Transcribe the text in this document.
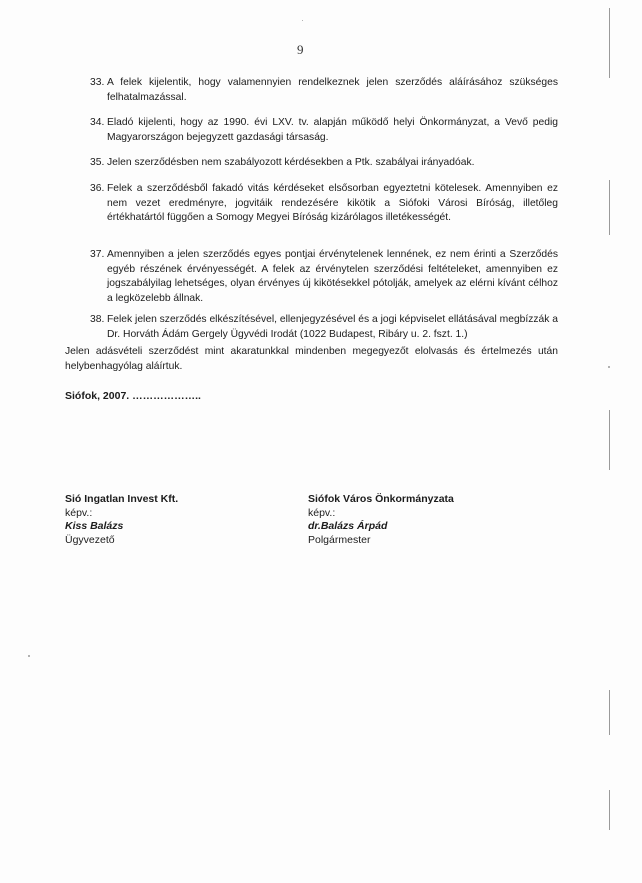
9
33. A felek kijelentik, hogy valamennyien rendelkeznek jelen szerződés aláírásához szükséges felhatalmazással.
34. Eladó kijelenti, hogy az 1990. évi LXV. tv. alapján működő helyi Önkormányzat, a Vevő pedig Magyarországon bejegyzett gazdasági társaság.
35. Jelen szerződésben nem szabályozott kérdésekben a Ptk. szabályai irányadóak.
36. Felek a szerződésből fakadó vitás kérdéseket elsősorban egyeztetni kötelesek. Amennyiben ez nem vezet eredményre, jogvitáik rendezésére kikötik a Siófoki Városi Bíróság, illetőleg értékhatártól függően a Somogy Megyei Bíróság kizárólagos illetékességét.
37. Amennyiben a jelen szerződés egyes pontjai érvénytelenek lennének, ez nem érinti a Szerződés egyéb részének érvényességét. A felek az érvénytelen szerződési feltételeket, amennyiben ez jogszabályilag lehetséges, olyan érvényes új kikötésekkel pótolják, amelyek az elérni kívánt célhoz a legközelebb állnak.
38. Felek jelen szerződés elkészítésével, ellenjegyzésével és a jogi képviselet ellátásával megbízzák a Dr. Horváth Ádám Gergely Ügyvédi Irodát (1022 Budapest, Ribáry u. 2. fszt. 1.)
Jelen adásvételi szerződést mint akaratunkkal mindenben megegyezőt elolvasás és értelmezés után helybenhagyólag aláírtuk.
Siófok, 2007. ………………..
Sió Ingatlan Invest Kft.
képv.:
Kiss Balázs
Ügyvezető
Siófok Város Önkormányzata
képv.:
dr.Balázs Árpád
Polgármester
